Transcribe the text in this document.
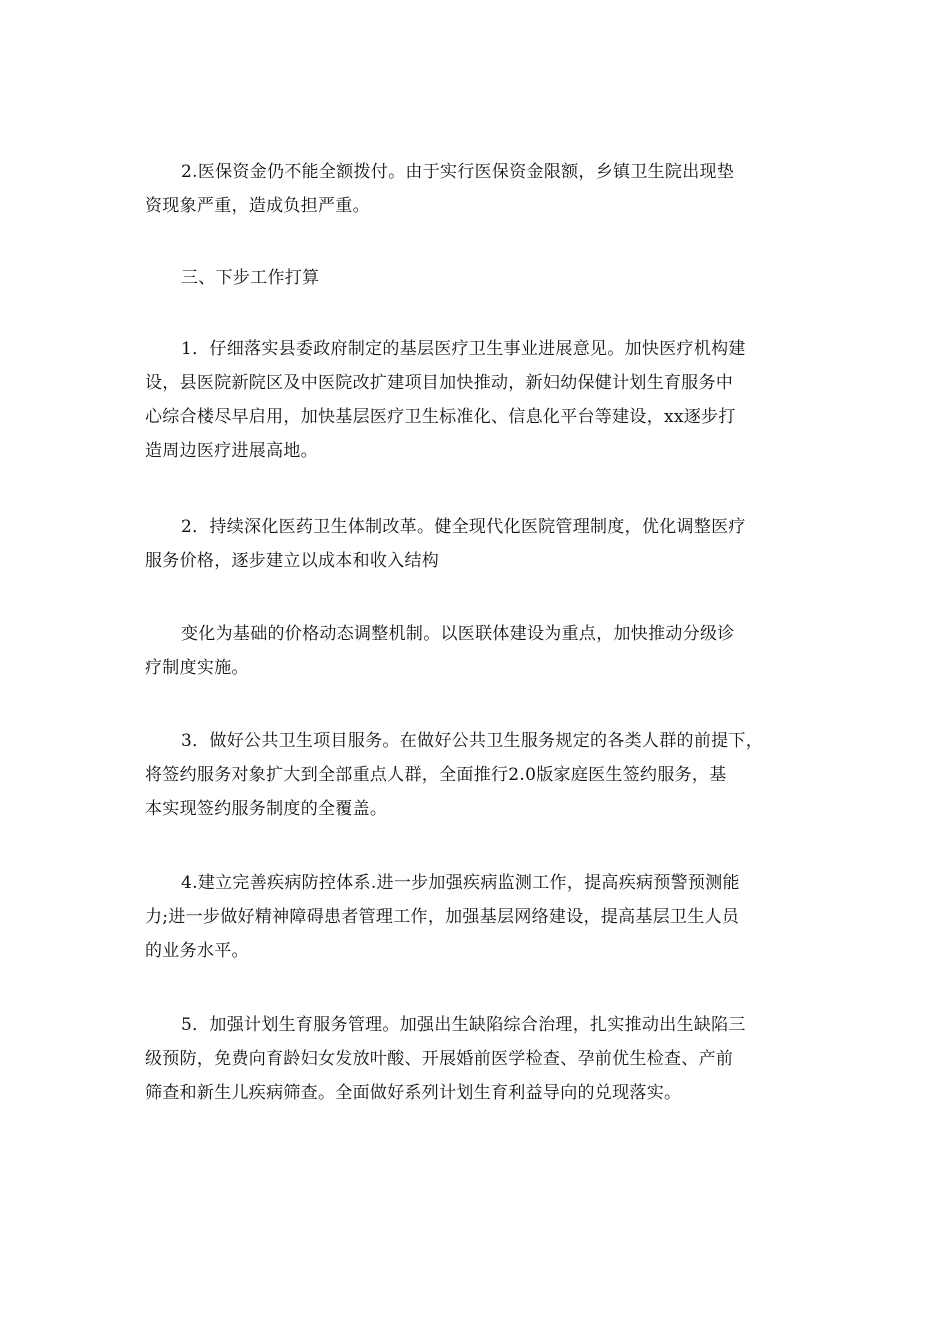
2.医保资金仍不能全额拨付。由于实行医保资金限额，乡镇卫生院出现垫
资现象严重，造成负担严重。
三、下步工作打算
1．仔细落实县委政府制定的基层医疗卫生事业进展意见。加快医疗机构建
设，县医院新院区及中医院改扩建项目加快推动，新妇幼保健计划生育服务中
心综合楼尽早启用，加快基层医疗卫生标准化、信息化平台等建设，xx逐步打
造周边医疗进展高地。
2．持续深化医药卫生体制改革。健全现代化医院管理制度，优化调整医疗
服务价格，逐步建立以成本和收入结构
变化为基础的价格动态调整机制。以医联体建设为重点，加快推动分级诊
疗制度实施。
3．做好公共卫生项目服务。在做好公共卫生服务规定的各类人群的前提下，
将签约服务对象扩大到全部重点人群，全面推行2.0版家庭医生签约服务，基
本实现签约服务制度的全覆盖。
4.建立完善疾病防控体系.进一步加强疾病监测工作，提高疾病预警预测能
力;进一步做好精神障碍患者管理工作，加强基层网络建设，提高基层卫生人员
的业务水平。
5．加强计划生育服务管理。加强出生缺陷综合治理，扎实推动出生缺陷三
级预防，免费向育龄妇女发放叶酸、开展婚前医学检查、孕前优生检查、产前
筛查和新生儿疾病筛查。全面做好系列计划生育利益导向的兑现落实。
